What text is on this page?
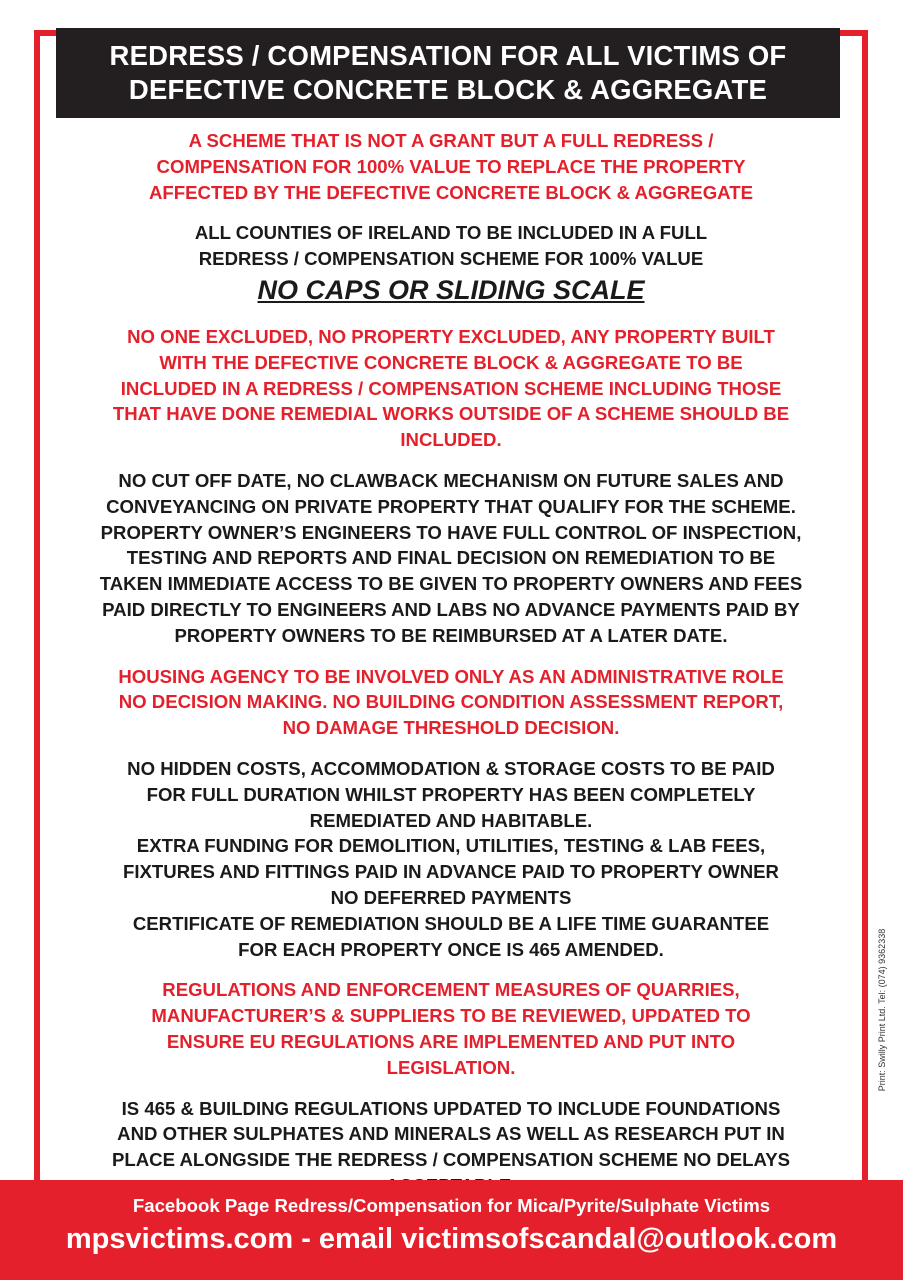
REDRESS / COMPENSATION FOR ALL VICTIMS OF
DEFECTIVE CONCRETE BLOCK & AGGREGATE
A SCHEME THAT IS NOT A GRANT BUT A FULL REDRESS /
COMPENSATION FOR 100% VALUE TO REPLACE THE PROPERTY
AFFECTED BY THE DEFECTIVE CONCRETE BLOCK & AGGREGATE
ALL COUNTIES OF IRELAND TO BE INCLUDED IN A FULL
REDRESS / COMPENSATION SCHEME FOR 100% VALUE
NO CAPS OR SLIDING SCALE
NO ONE EXCLUDED, NO PROPERTY EXCLUDED, ANY PROPERTY BUILT
WITH THE DEFECTIVE CONCRETE BLOCK & AGGREGATE TO BE
INCLUDED IN A REDRESS / COMPENSATION SCHEME INCLUDING THOSE
THAT HAVE DONE REMEDIAL WORKS OUTSIDE OF A SCHEME SHOULD BE
INCLUDED.
NO CUT OFF DATE, NO CLAWBACK MECHANISM ON FUTURE SALES AND
CONVEYANCING ON PRIVATE PROPERTY THAT QUALIFY FOR THE SCHEME.
PROPERTY OWNER’S ENGINEERS TO HAVE FULL CONTROL OF INSPECTION,
TESTING AND REPORTS AND FINAL DECISION ON REMEDIATION TO BE
TAKEN IMMEDIATE ACCESS TO BE GIVEN TO PROPERTY OWNERS AND FEES
PAID DIRECTLY TO ENGINEERS AND LABS NO ADVANCE PAYMENTS PAID BY
PROPERTY OWNERS TO BE REIMBURSED AT A LATER DATE.
HOUSING AGENCY TO BE INVOLVED ONLY AS AN ADMINISTRATIVE ROLE
NO DECISION MAKING. NO BUILDING CONDITION ASSESSMENT REPORT,
NO DAMAGE THRESHOLD DECISION.
NO HIDDEN COSTS, ACCOMMODATION & STORAGE COSTS TO BE PAID
FOR FULL DURATION WHILST PROPERTY HAS BEEN COMPLETELY
REMEDIATED AND HABITABLE.
EXTRA FUNDING FOR DEMOLITION, UTILITIES, TESTING & LAB FEES,
FIXTURES AND FITTINGS PAID IN ADVANCE PAID TO PROPERTY OWNER
NO DEFERRED PAYMENTS
CERTIFICATE OF REMEDIATION SHOULD BE A LIFE TIME GUARANTEE
FOR EACH PROPERTY ONCE IS 465 AMENDED.
REGULATIONS AND ENFORCEMENT MEASURES OF QUARRIES,
MANUFACTURER’S & SUPPLIERS TO BE REVIEWED, UPDATED TO
ENSURE EU REGULATIONS ARE IMPLEMENTED AND PUT INTO
LEGISLATION.
IS 465 & BUILDING REGULATIONS UPDATED TO INCLUDE FOUNDATIONS
AND OTHER SULPHATES AND MINERALS AS WELL AS RESEARCH PUT IN
PLACE ALONGSIDE THE REDRESS / COMPENSATION SCHEME NO DELAYS

Print: Swilly Print Ltd. Tel: (074) 9362338
Facebook Page Redress/Compensation for Mica/Pyrite/Sulphate Victims
mpsvictims.com - email victimsofscandal@outlook.com
